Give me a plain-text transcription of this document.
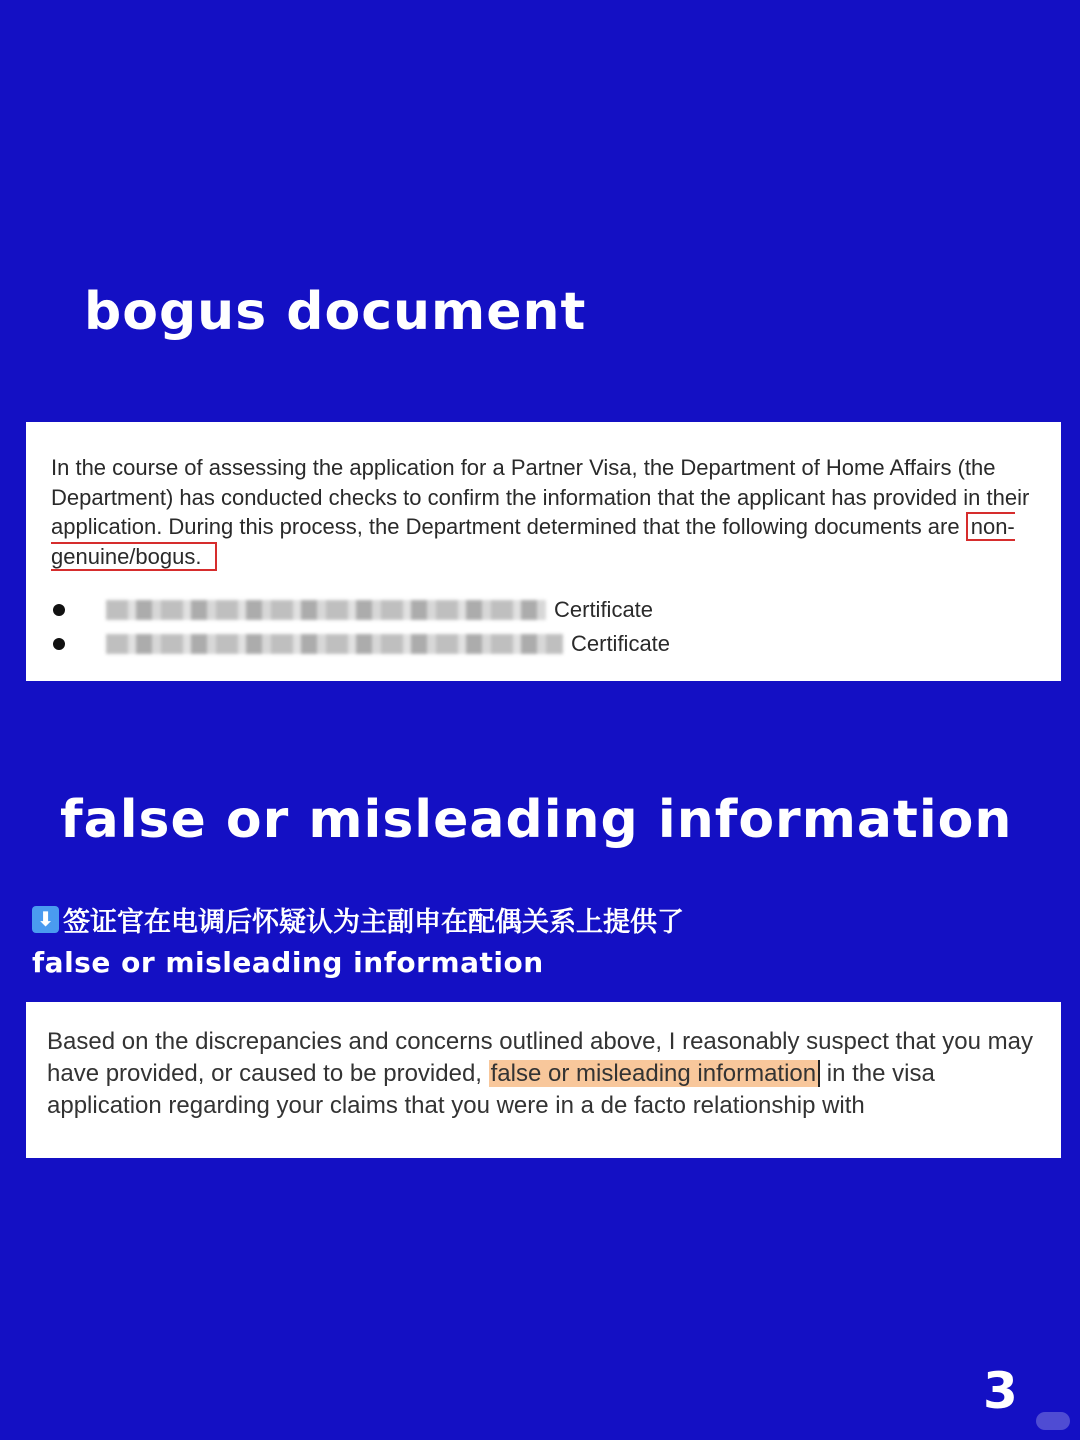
bogus document
In the course of assessing the application for a Partner Visa, the Department of Home Affairs (the Department) has conducted checks to confirm the information that the applicant has provided in their application. During this process, the Department determined that the following documents are non-genuine/bogus.
Certificate
Certificate
false or misleading information
⬇ 签证官在电调后怀疑认为主副申在配偶关系上提供了
false or misleading information
Based on the discrepancies and concerns outlined above, I reasonably suspect that you may have provided, or caused to be provided, false or misleading information in the visa application regarding your claims that you were in a de facto relationship with
3
